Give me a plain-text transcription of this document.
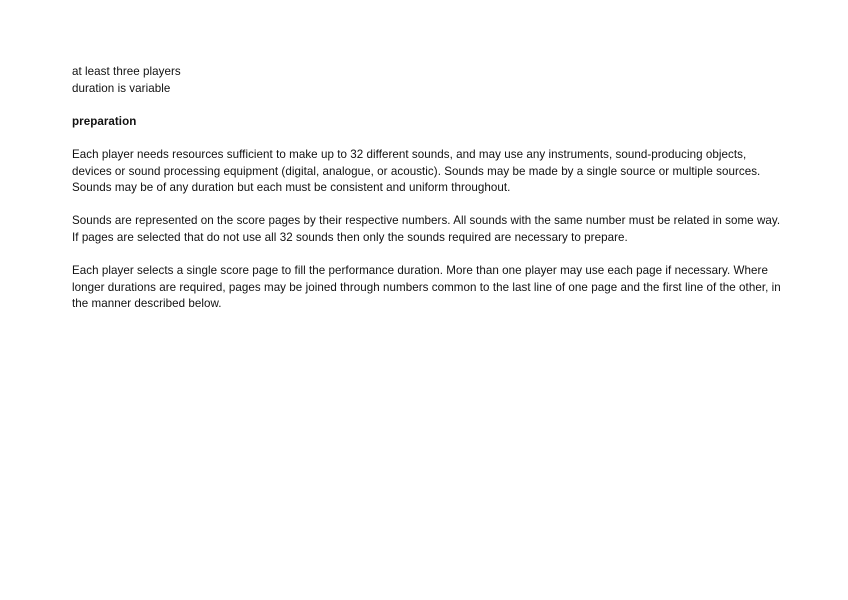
at least three players
duration is variable
preparation

Each player needs resources sufficient to make up to 32 different sounds, and may use any instruments, sound-producing objects, devices or sound processing equipment (digital, analogue, or acoustic). Sounds may be made by a single source or multiple sources. Sounds may be of any duration but each must be consistent and uniform throughout.

Sounds are represented on the score pages by their respective numbers. All sounds with the same number must be related in some way. If pages are selected that do not use all 32 sounds then only the sounds required are necessary to prepare.

Each player selects a single score page to fill the performance duration. More than one player may use each page if necessary. Where longer durations are required, pages may be joined through numbers common to the last line of one page and the first line of the other, in the manner described below.
